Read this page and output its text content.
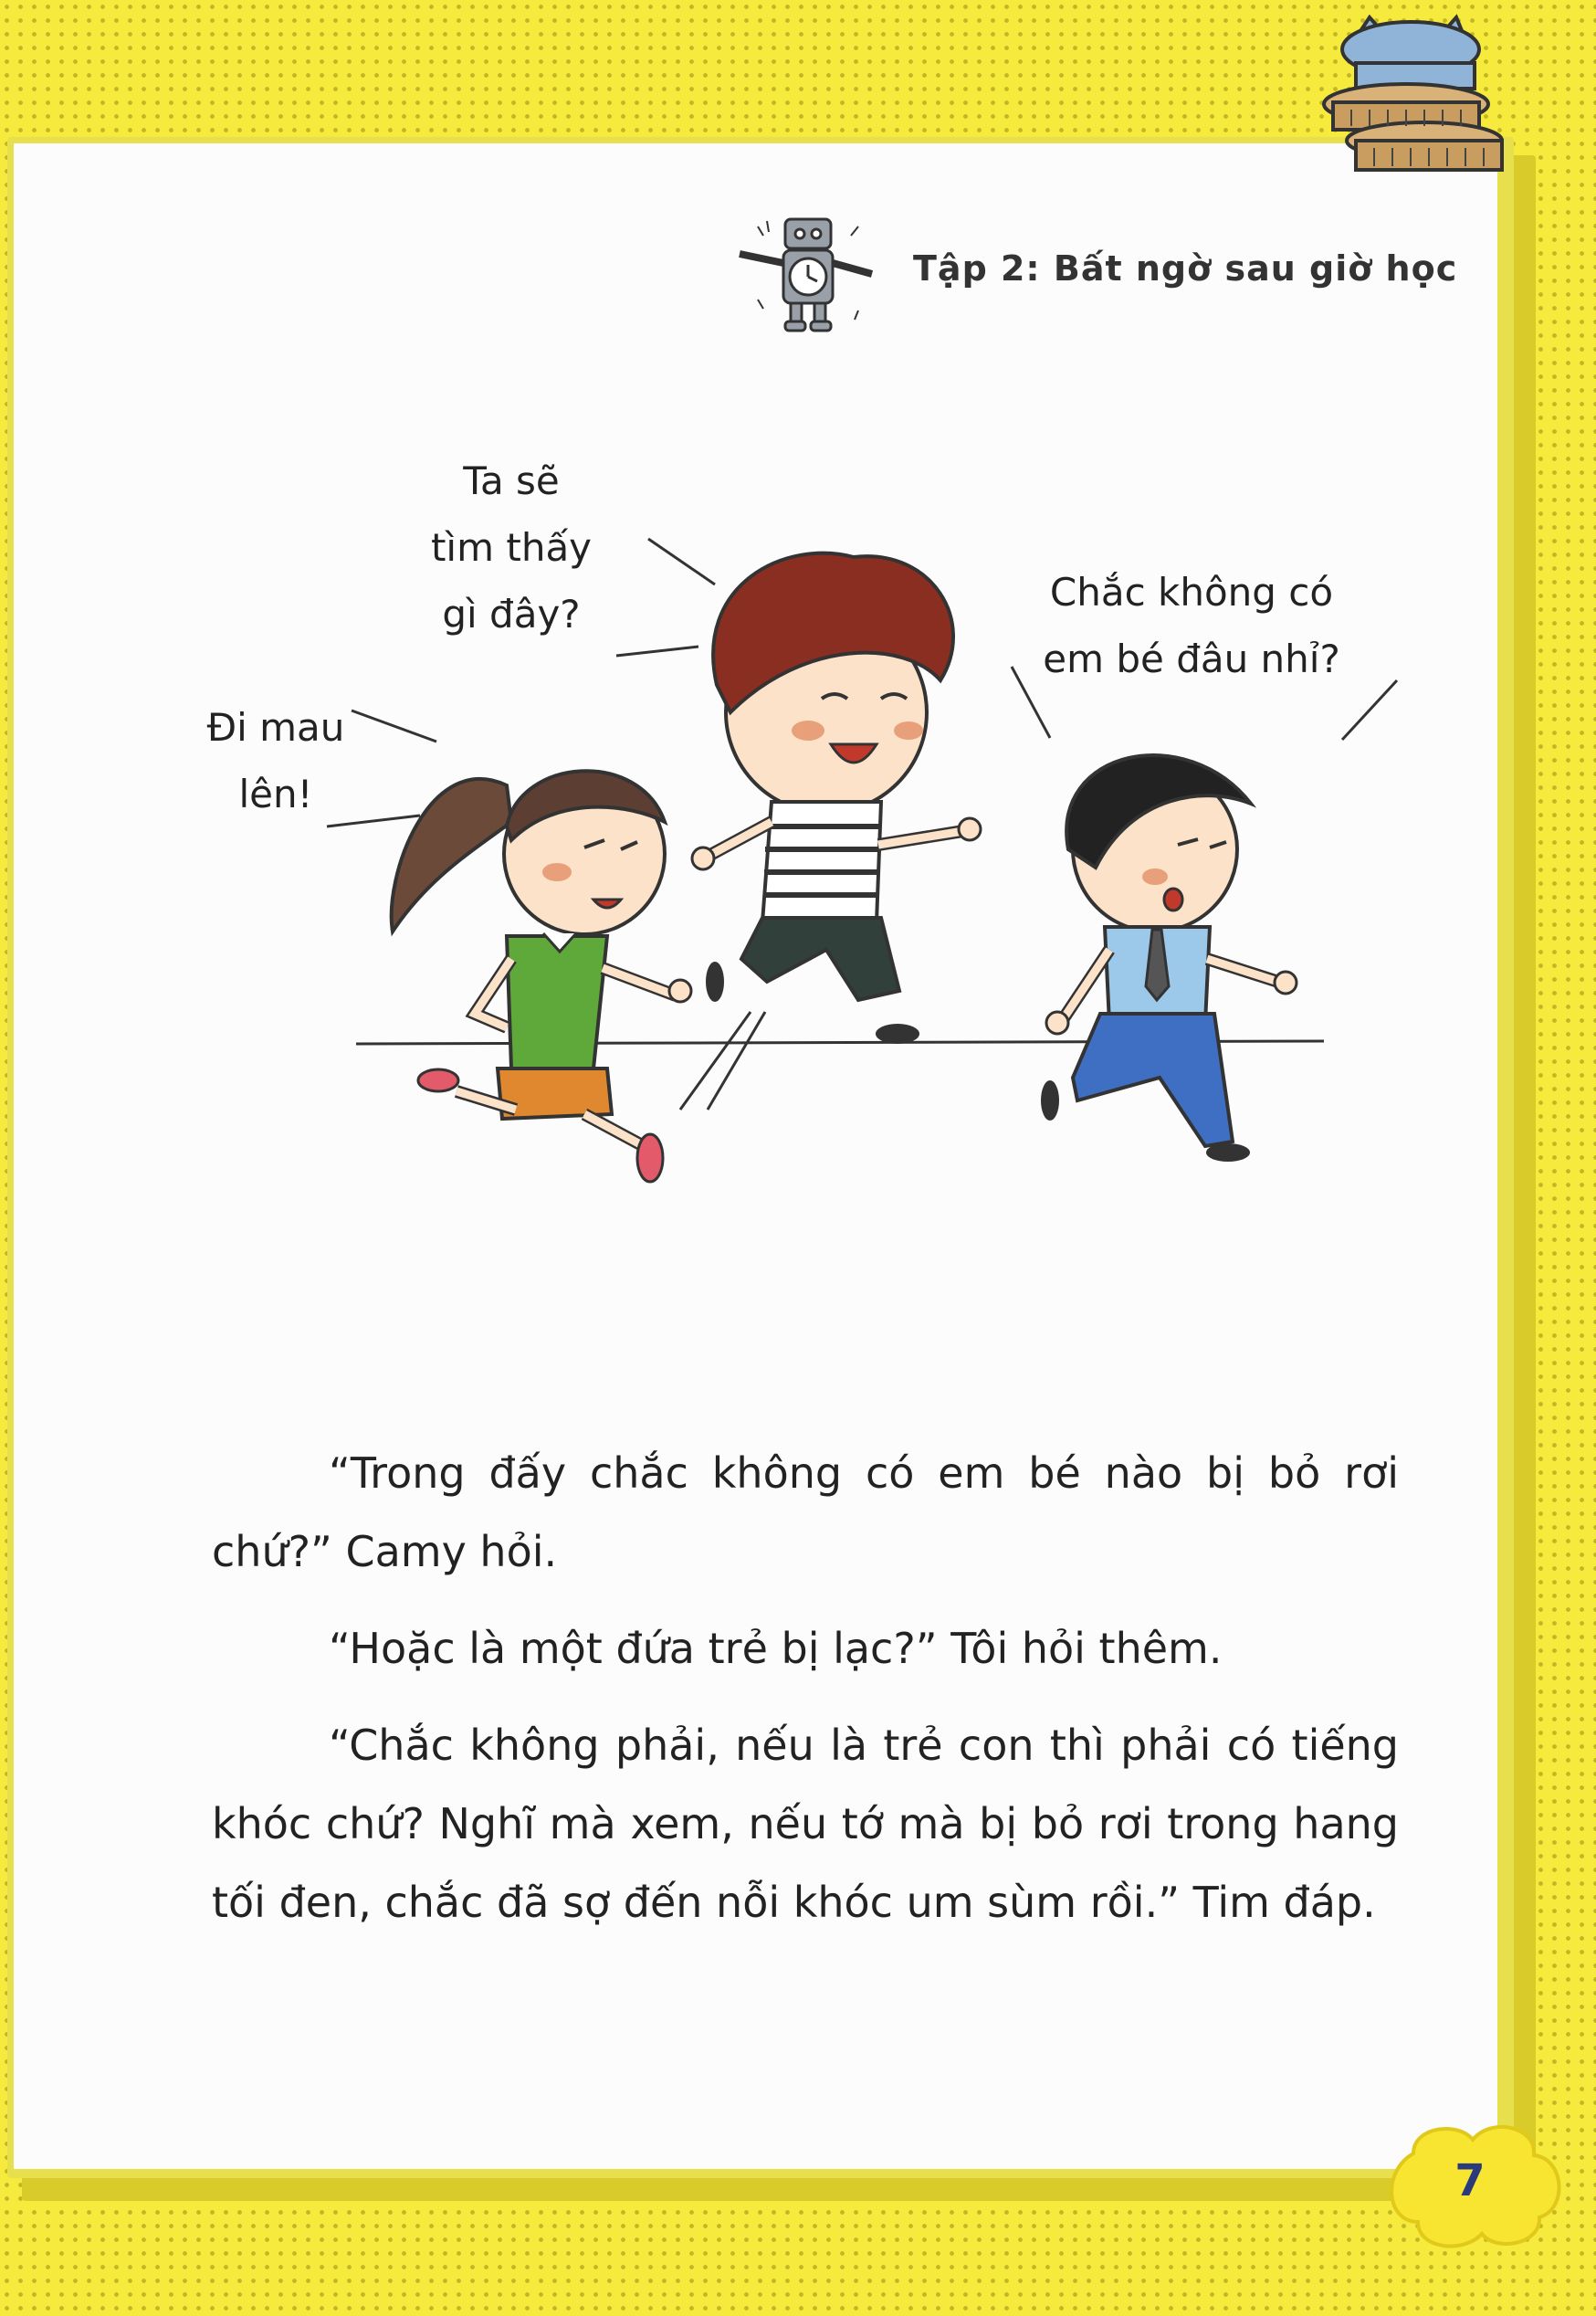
Tập 2: Bất ngờ sau giờ học
Ta sẽ
tìm thấy
gì đây?
Đi mau
lên!
Chắc không có
em bé đâu nhỉ?

“Trong đấy chắc không có em bé nào bị bỏ rơi chứ?” Camy hỏi.

“Hoặc là một đứa trẻ bị lạc?” Tôi hỏi thêm.

“Chắc không phải, nếu là trẻ con thì phải có tiếng khóc chứ? Nghĩ mà xem, nếu tớ mà bị bỏ rơi trong hang tối đen, chắc đã sợ đến nỗi khóc um sùm rồi.” Tim đáp.

7
